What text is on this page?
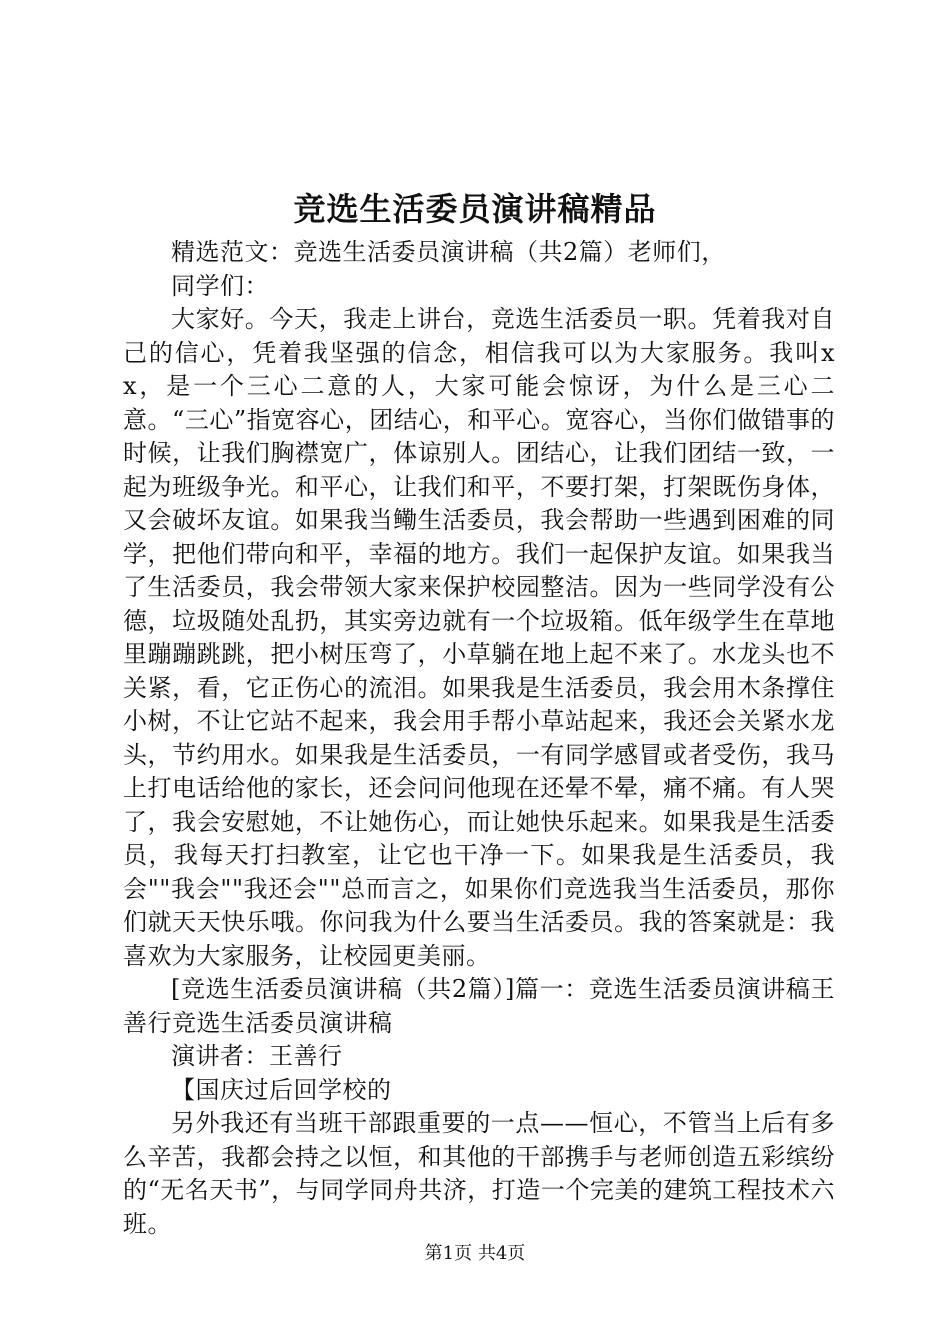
竞选生活委员演讲稿精品

精选范文：竞选生活委员演讲稿（共2篇）老师们，

同学们：

大家好。今天，我走上讲台，竞选生活委员一职。凭着我对自己的信心，凭着我坚强的信念，相信我可以为大家服务。我叫xx，是一个三心二意的人，大家可能会惊讶，为什么是三心二意。“三心”指宽容心，团结心，和平心。宽容心，当你们做错事的时候，让我们胸襟宽广，体谅别人。团结心，让我们团结一致，一起为班级争光。和平心，让我们和平，不要打架，打架既伤身体，又会破坏友谊。如果我当鳓生活委员，我会帮助一些遇到困难的同学，把他们带向和平，幸福的地方。我们一起保护友谊。如果我当了生活委员，我会带领大家来保护校园整洁。因为一些同学没有公德，垃圾随处乱扔，其实旁边就有一个垃圾箱。低年级学生在草地里蹦蹦跳跳，把小树压弯了，小草躺在地上起不来了。水龙头也不关紧，看，它正伤心的流泪。如果我是生活委员，我会用木条撑住小树，不让它站不起来，我会用手帮小草站起来，我还会关紧水龙头，节约用水。如果我是生活委员，一有同学感冒或者受伤，我马上打电话给他的家长，还会问问他现在还晕不晕，痛不痛。有人哭了，我会安慰她，不让她伤心，而让她快乐起来。如果我是生活委员，我每天打扫教室，让它也干净一下。如果我是生活委员，我会""我会""我还会""总而言之，如果你们竞选我当生活委员，那你们就天天快乐哦。你问我为什么要当生活委员。我的答案就是：我喜欢为大家服务，让校园更美丽。

[竞选生活委员演讲稿（共2篇）]篇一：竞选生活委员演讲稿王善行竞选生活委员演讲稿

演讲者：王善行

【国庆过后回学校的

另外我还有当班干部跟重要的一点——恒心，不管当上后有多么辛苦，我都会持之以恒，和其他的干部携手与老师创造五彩缤纷的“无名天书”，与同学同舟共济，打造一个完美的建筑工程技术六班。

第1页 共4页
